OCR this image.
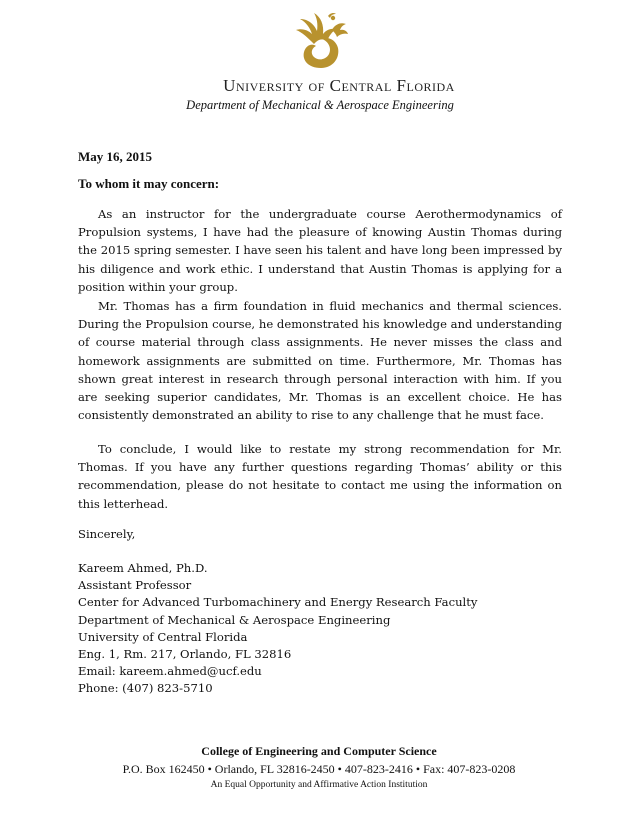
University of Central Florida
Department of Mechanical & Aerospace Engineering
May 16, 2015
To whom it may concern:

As an instructor for the undergraduate course Aerothermodynamics of Propulsion systems, I have had the pleasure of knowing Austin Thomas during the 2015 spring semester. I have seen his talent and have long been impressed by his diligence and work ethic. I understand that Austin Thomas is applying for a position within your group.

Mr. Thomas has a firm foundation in fluid mechanics and thermal sciences. During the Propulsion course, he demonstrated his knowledge and understanding of course material through class assignments. He never misses the class and homework assignments are submitted on time. Furthermore, Mr. Thomas has shown great interest in research through personal interaction with him. If you are seeking superior candidates, Mr. Thomas is an excellent choice. He has consistently demonstrated an ability to rise to any challenge that he must face.

To conclude, I would like to restate my strong recommendation for Mr. Thomas. If you have any further questions regarding Thomas’ ability or this recommendation, please do not hesitate to contact me using the information on this letterhead.

Sincerely,
Kareem Ahmed, Ph.D.
Assistant Professor
Center for Advanced Turbomachinery and Energy Research Faculty
Department of Mechanical & Aerospace Engineering
University of Central Florida
Eng. 1, Rm. 217, Orlando, FL 32816
Email: kareem.ahmed@ucf.edu
Phone: (407) 823-5710
College of Engineering and Computer Science
P.O. Box 162450 • Orlando, FL 32816-2450 • 407-823-2416 • Fax: 407-823-0208
An Equal Opportunity and Affirmative Action Institution
